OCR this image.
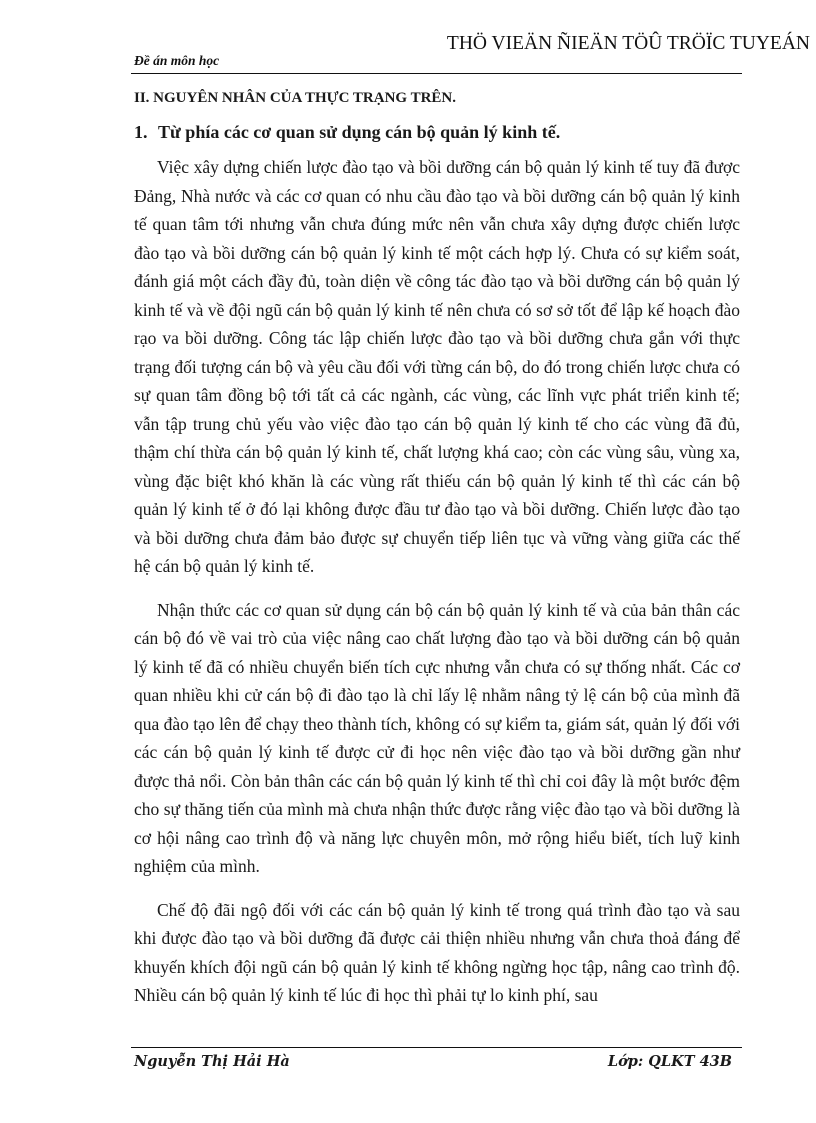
THÖ VIEÄN ÑIEÄN TÖÛ TRÖÏC TUYEÁN
Đề án môn học
II. NGUYÊN NHÂN CỦA THỰC TRẠNG TRÊN.
1. Từ phía các cơ quan sử dụng cán bộ quản lý kinh tế.

Việc xây dựng chiến lược đào tạo và bồi dưỡng cán bộ quản lý kinh tế tuy đã được Đảng, Nhà nước và các cơ quan có nhu cầu đào tạo và bồi dưỡng cán bộ quản lý kinh tế quan tâm tới nhưng vẫn chưa đúng mức nên vẫn chưa xây dựng được chiến lược đào tạo và bồi dưỡng cán bộ quản lý kinh tế một cách hợp lý. Chưa có sự kiểm soát, đánh giá một cách đầy đủ, toàn diện về công tác đào tạo và bồi dưỡng cán bộ quản lý kinh tế và về đội ngũ cán bộ quản lý kinh tế nên chưa có sơ sở tốt để lập kế hoạch đào rạo va bồi dưỡng. Công tác lập chiến lược đào tạo và bồi dưỡng chưa gắn với thực trạng đối tượng cán bộ và yêu cầu đối với từng cán bộ, do đó trong chiến lược chưa có sự quan tâm đồng bộ tới tất cả các ngành, các vùng, các lĩnh vực phát triển kinh tế; vẫn tập trung chủ yếu vào việc đào tạo cán bộ quản lý kinh tế cho các vùng đã đủ, thậm chí thừa cán bộ quản lý kinh tế, chất lượng khá cao; còn các vùng sâu, vùng xa, vùng đặc biệt khó khăn là các vùng rất thiếu cán bộ quản lý kinh tế thì các cán bộ quản lý kinh tế ở đó lại không được đầu tư đào tạo và bồi dưỡng. Chiến lược đào tạo và bồi dưỡng chưa đảm bảo được sự chuyển tiếp liên tục và vững vàng giữa các thế hệ cán bộ quản lý kinh tế.

Nhận thức các cơ quan sử dụng cán bộ cán bộ quản lý kinh tế và của bản thân các cán bộ đó về vai trò của việc nâng cao chất lượng đào tạo và bồi dưỡng cán bộ quản lý kinh tế đã có nhiều chuyển biến tích cực nhưng vẫn chưa có sự thống nhất. Các cơ quan nhiều khi cử cán bộ đi đào tạo là chỉ lấy lệ nhằm nâng tỷ lệ cán bộ của mình đã qua đào tạo lên để chạy theo thành tích, không có sự kiểm ta, giám sát, quản lý đối với các cán bộ quản lý kinh tế được cử đi học nên việc đào tạo và bồi dưỡng gần như được thả nổi. Còn bản thân các cán bộ quản lý kinh tế thì chỉ coi đây là một bước đệm cho sự thăng tiến của mình mà chưa nhận thức được rằng việc đào tạo và bồi dưỡng là cơ hội nâng cao trình độ và năng lực chuyên môn, mở rộng hiểu biết, tích luỹ kinh nghiệm của mình.

Chế độ đãi ngộ đối với các cán bộ quản lý kinh tế trong quá trình đào tạo và sau khi được đào tạo và bồi dưỡng đã được cải thiện nhiều nhưng vẫn chưa thoả đáng để khuyến khích đội ngũ cán bộ quản lý kinh tế không ngừng học tập, nâng cao trình độ. Nhiều cán bộ quản lý kinh tế lúc đi học thì phải tự lo kinh phí, sau

Nguyễn Thị Hải Hà	Lớp: QLKT 43B
